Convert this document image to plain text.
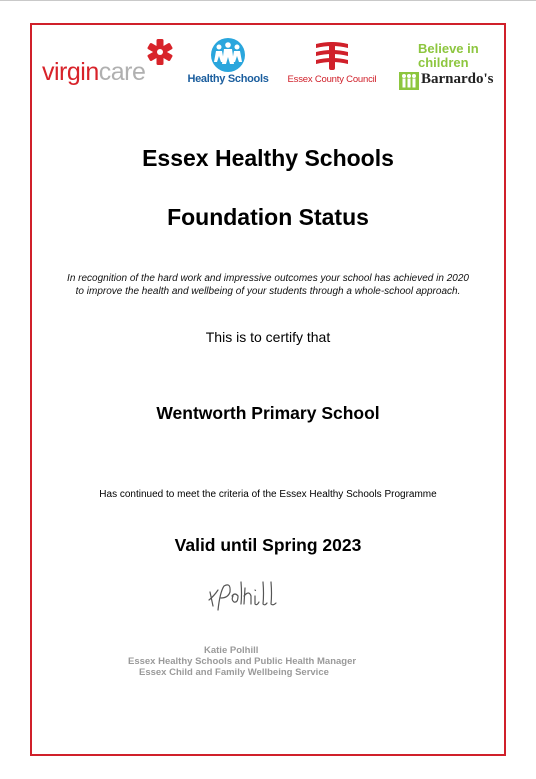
virgincare	Healthy Schools	Essex County Council
Believe in
children
Barnardo's
Essex Healthy Schools
Foundation Status
In recognition of the hard work and impressive outcomes your school has achieved in 2020
to improve the health and wellbeing of your students through a whole-school approach.
This is to certify that
Wentworth Primary School
Has continued to meet the criteria of the Essex Healthy Schools Programme
Valid until Spring 2023
Katie Polhill
Essex Healthy Schools and Public Health Manager
Essex Child and Family Wellbeing Service
